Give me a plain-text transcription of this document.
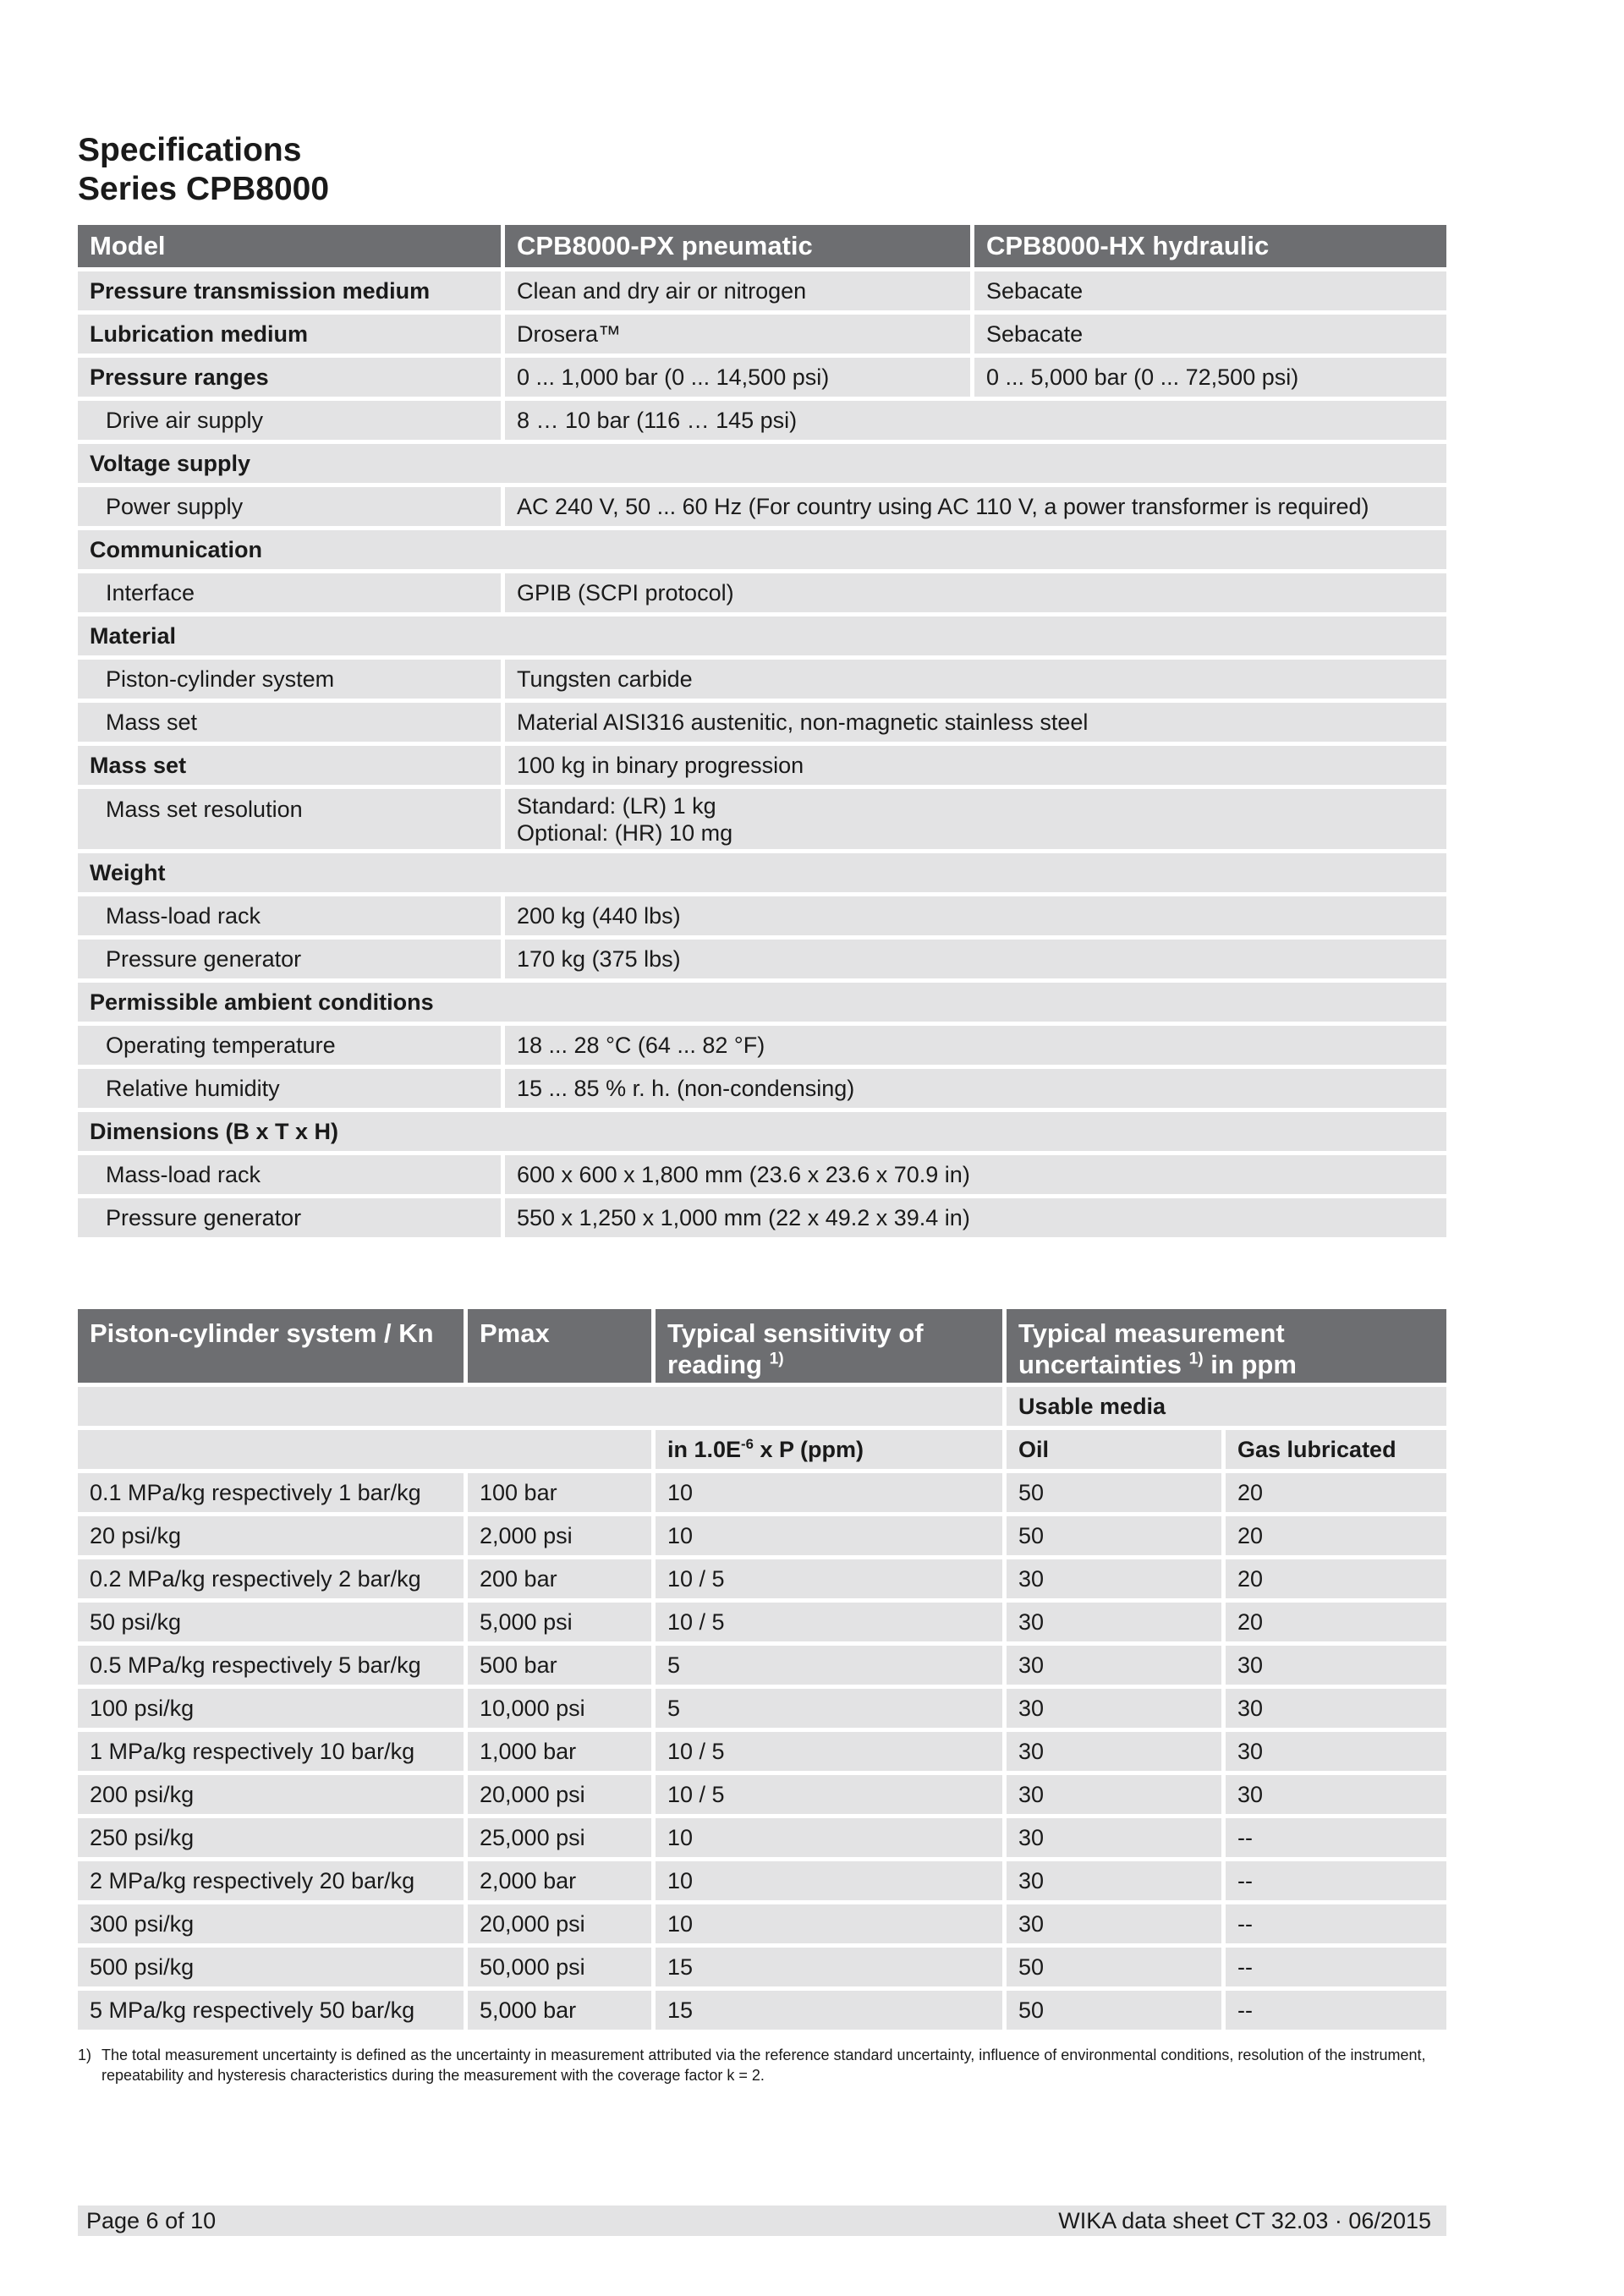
Specifications
Series CPB8000
Model	CPB8000-PX pneumatic	CPB8000-HX hydraulic
Pressure transmission medium	Clean and dry air or nitrogen	Sebacate
Lubrication medium	Drosera™	Sebacate
Pressure ranges	0 ... 1,000 bar (0 ... 14,500 psi)	0 ... 5,000 bar (0 ... 72,500 psi)
Drive air supply	8 … 10 bar (116 … 145 psi)	
Voltage supply		
Power supply	AC 240 V, 50 ... 60 Hz (For country using AC 110 V, a power transformer is required)	
Communication		
Interface	GPIB (SCPI protocol)	
Material		
Piston-cylinder system	Tungsten carbide	
Mass set	Material AISI316 austenitic, non-magnetic stainless steel	
Mass set	100 kg in binary progression	
Mass set resolution	Standard: (LR) 1 kg
Optional: (HR) 10 mg	

Weight		
Mass-load rack	200 kg (440 lbs)	
Pressure generator	170 kg (375 lbs)	
Permissible ambient conditions		
Operating temperature	18 ... 28 °C (64 ... 82 °F)	
Relative humidity	15 ... 85 % r. h. (non-condensing)	
Dimensions (B x T x H)		
Mass-load rack	600 x 600 x 1,800 mm (23.6 x 23.6 x 70.9 in)	
Pressure generator	550 x 1,250 x 1,000 mm (22 x 49.2 x 39.4 in)	
Piston-cylinder system / Kn	Pmax	Typical sensitivity of reading $^{1)}$	Typical measurement uncertainties $^{1)}$ in ppm	
			Usable media	
		in $1.0E^{-6}$ x P (ppm)	Oil	Gas lubricated
0.1 MPa/kg respectively 1 bar/kg	100 bar	10	50	20
20 psi/kg	2,000 psi	10	50	20
0.2 MPa/kg respectively 2 bar/kg	200 bar	10 / 5	30	20
50 psi/kg	5,000 psi	10 / 5	30	20
0.5 MPa/kg respectively 5 bar/kg	500 bar	5	30	30
100 psi/kg	10,000 psi	5	30	30
1 MPa/kg respectively 10 bar/kg	1,000 bar	10 / 5	30	30
200 psi/kg	20,000 psi	10 / 5	30	30
250 psi/kg	25,000 psi	10	30	--
2 MPa/kg respectively 20 bar/kg	2,000 bar	10	30	--
300 psi/kg	20,000 psi	10	30	--
500 psi/kg	50,000 psi	15	50	--
5 MPa/kg respectively 50 bar/kg	5,000 bar	15	50	--
1) The total measurement uncertainty is defined as the uncertainty in measurement attributed via the reference standard uncertainty, influence of environmental conditions, resolution of the instrument, repeatability and hysteresis characteristics during the measurement with the coverage factor k = 2.
Page 6 of 10	WIKA data sheet CT 32.03 · 06/2015
